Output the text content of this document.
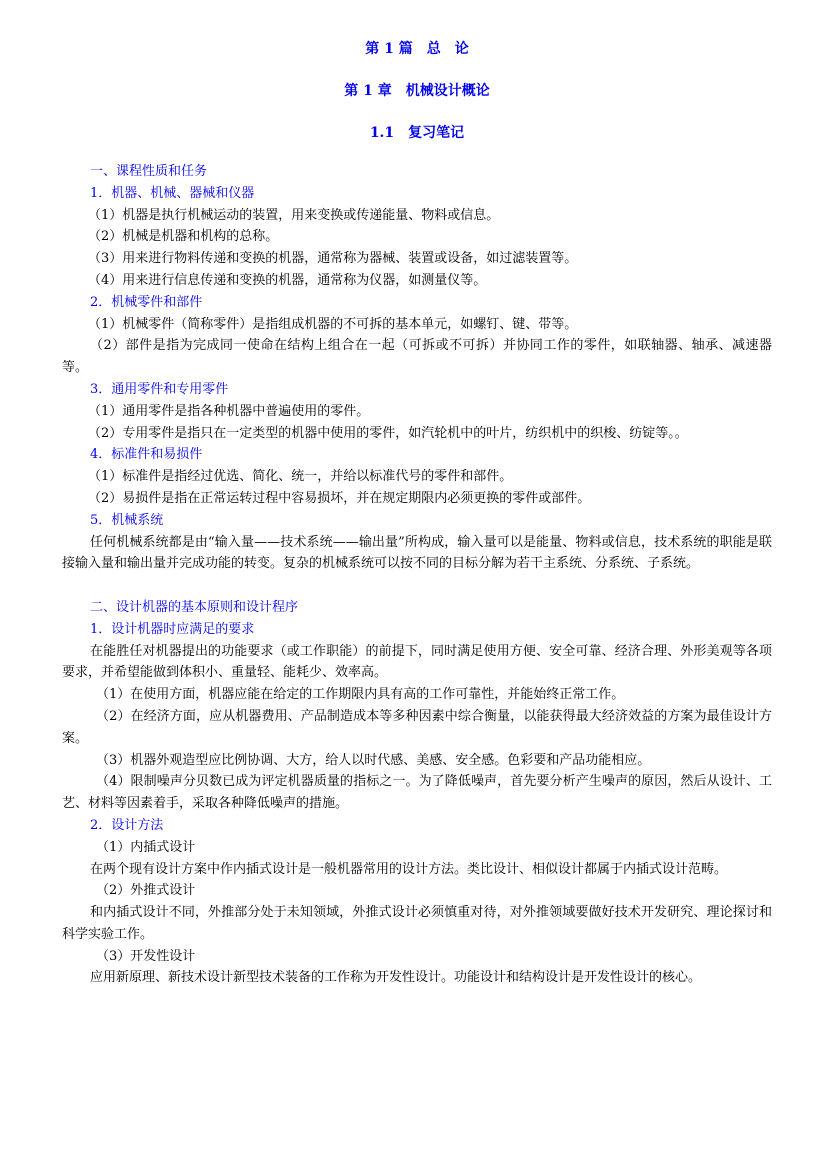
第 1 篇　总　论
第 1 章　机械设计概论
1.1　复习笔记

一、课程性质和任务

1．机器、机械、器械和仪器

（1）机器是执行机械运动的装置，用来变换或传递能量、物料或信息。

（2）机械是机器和机构的总称。

（3）用来进行物料传递和变换的机器，通常称为器械、装置或设备，如过滤装置等。

（4）用来进行信息传递和变换的机器，通常称为仪器，如测量仪等。

2．机械零件和部件

（1）机械零件（简称零件）是指组成机器的不可拆的基本单元，如螺钉、键、带等。

（2）部件是指为完成同一使命在结构上组合在一起（可拆或不可拆）并协同工作的零件，如联轴器、轴承、减速器等。

3．通用零件和专用零件

（1）通用零件是指各种机器中普遍使用的零件。

（2）专用零件是指只在一定类型的机器中使用的零件，如汽轮机中的叶片，纺织机中的织梭、纺锭等。。

4．标准件和易损件

（1）标准件是指经过优选、简化、统一，并给以标准代号的零件和部件。

（2）易损件是指在正常运转过程中容易损坏，并在规定期限内必须更换的零件或部件。

5．机械系统

任何机械系统都是由“输入量——技术系统——输出量”所构成，输入量可以是能量、物料或信息，技术系统的职能是联接输入量和输出量并完成功能的转变。复杂的机械系统可以按不同的目标分解为若干主系统、分系统、子系统。

二、设计机器的基本原则和设计程序

1．设计机器时应满足的要求

在能胜任对机器提出的功能要求（或工作职能）的前提下，同时满足使用方便、安全可靠、经济合理、外形美观等各项要求，并希望能做到体积小、重量轻、能耗少、效率高。

（1）在使用方面，机器应能在给定的工作期限内具有高的工作可靠性，并能始终正常工作。

（2）在经济方面，应从机器费用、产品制造成本等多种因素中综合衡量，以能获得最大经济效益的方案为最佳设计方案。

（3）机器外观造型应比例协调、大方，给人以时代感、美感、安全感。色彩要和产品功能相应。

（4）限制噪声分贝数已成为评定机器质量的指标之一。为了降低噪声，首先要分析产生噪声的原因，然后从设计、工艺、材料等因素着手，采取各种降低噪声的措施。

2．设计方法

（1）内插式设计

在两个现有设计方案中作内插式设计是一般机器常用的设计方法。类比设计、相似设计都属于内插式设计范畴。

（2）外推式设计

和内插式设计不同，外推部分处于未知领域，外推式设计必须慎重对待，对外推领域要做好技术开发研究、理论探讨和科学实验工作。

（3）开发性设计

应用新原理、新技术设计新型技术装备的工作称为开发性设计。功能设计和结构设计是开发性设计的核心。
